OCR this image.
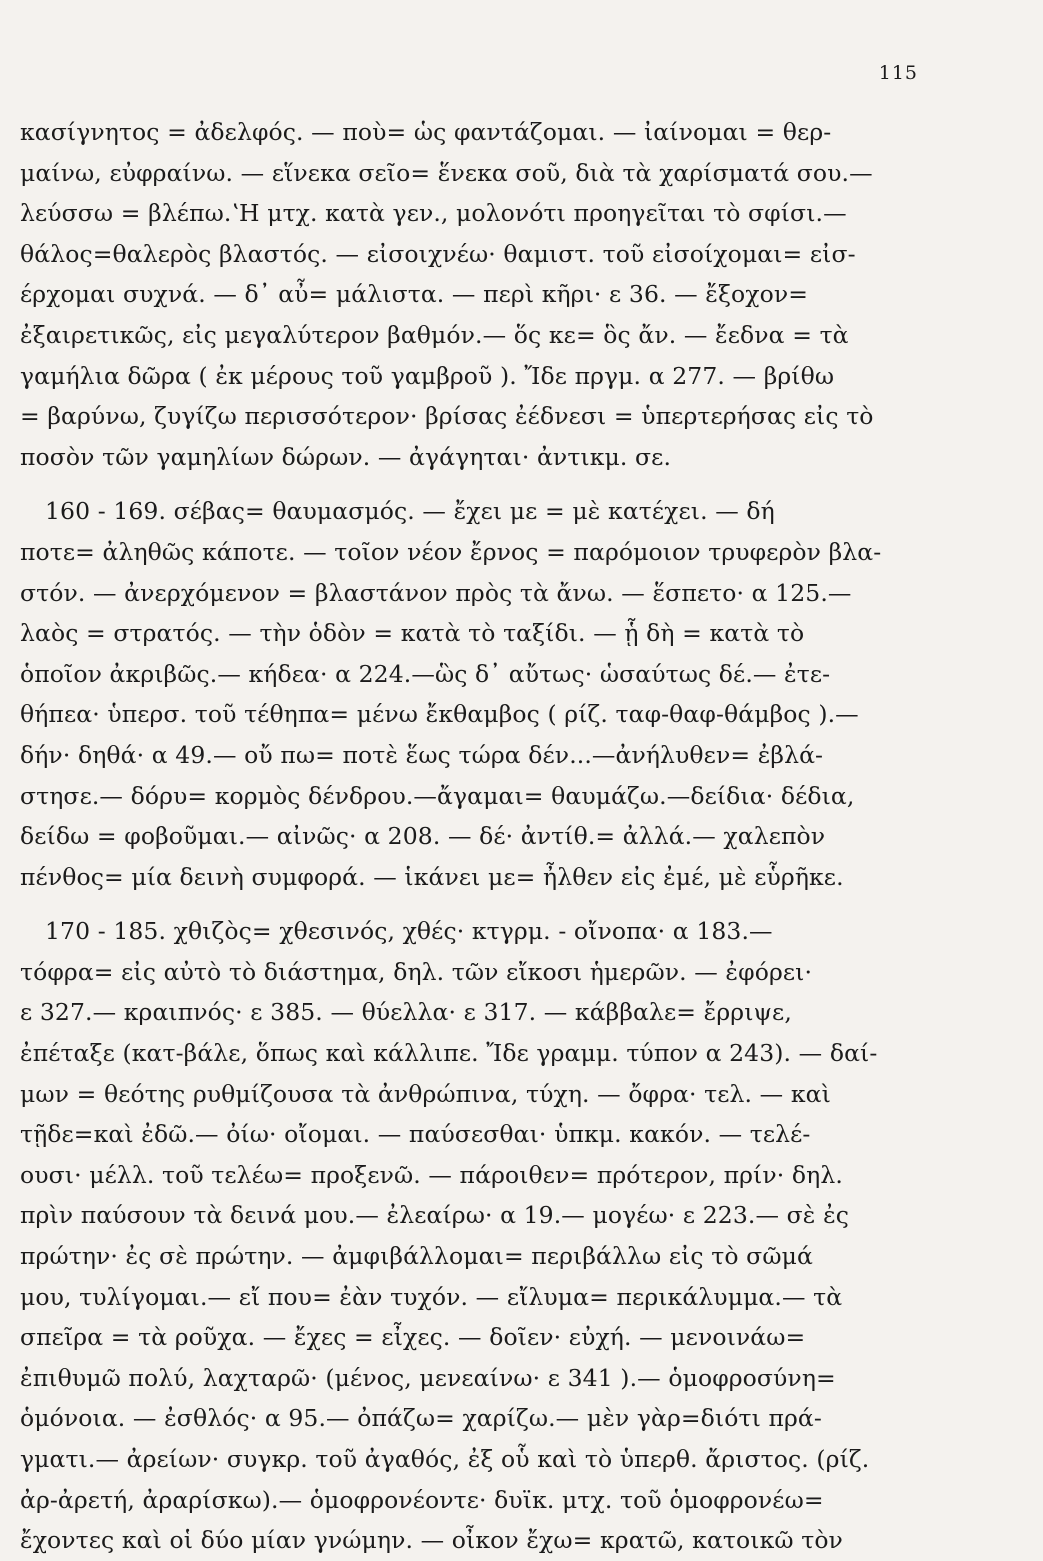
115
κασίγνητος = ἀδελφός. — ποὺ= ὡς φαντάζομαι. — ἰαίνομαι = θερ-
μαίνω, εὐφραίνω. — εἵνεκα σεῖο= ἕνεκα σοῦ, διὰ τὰ χαρίσματά σου.—
λεύσσω = βλέπω.ʽΗ μτχ. κατὰ γεν., μολονότι προηγεῖται τὸ σφίσι.—
θάλος=θαλερὸς βλαστός. — εἰσοιχνέω· θαμιστ. τοῦ εἰσοίχομαι= εἰσ-
έρχομαι συχνά. — δ᾽ αὖ= μάλιστα. — περὶ κῆρι· ε 36. — ἔξοχον=
ἐξαιρετικῶς, εἰς μεγαλύτερον βαθμόν.— ὅς κε= ὃς ἄν. — ἔεδνα = τὰ
γαμήλια δῶρα ( ἐκ μέρους τοῦ γαμβροῦ ). Ἴδε πργμ. α 277. — βρίθω
= βαρύνω, ζυγίζω περισσότερον· βρίσας ἐέδνεσι = ὑπερτερήσας εἰς τὸ
ποσὸν τῶν γαμηλίων δώρων. — ἀγάγηται· ἀντικμ. σε.
160 - 169. σέβας= θαυμασμός. — ἔχει με = μὲ κατέχει. — δή
ποτε= ἀληθῶς κάποτε. — τοῖον νέον ἔρνος = παρόμοιον τρυφερὸν βλα-
στόν. — ἀνερχόμενον = βλαστάνον πρὸς τὰ ἄνω. — ἕσπετο· α 125.—
λαὸς = στρατός. — τὴν ὁδὸν = κατὰ τὸ ταξίδι. — ᾗ δὴ = κατὰ τὸ
ὁποῖον ἀκριβῶς.— κήδεα· α 224.—ὣς δ᾽ αὔτως· ὡσαύτως δέ.— ἐτε-
θήπεα· ὑπερσ. τοῦ τέθηπα= μένω ἔκθαμβος ( ρίζ. ταφ-θαφ-θάμβος ).—
δήν· δηθά· α 49.— οὔ πω= ποτὲ ἕως τώρα δέν...—ἀνήλυθεν= ἐβλά-
στησε.— δόρυ= κορμὸς δένδρου.—ἄγαμαι= θαυμάζω.—δείδια· δέδια,
δείδω = φοβοῦμαι.— αἰνῶς· α 208. — δέ· ἀντίθ.= ἀλλά.— χαλεπὸν
πένθος= μία δεινὴ συμφορά. — ἱκάνει με= ἦλθεν εἰς ἐμέ, μὲ εὗρῆκε.
170 - 185. χθιζὸς= χθεσινός, χθές· κτγρμ. - οἴνοπα· α 183.—
τόφρα= εἰς αὐτὸ τὸ διάστημα, δηλ. τῶν εἴκοσι ἡμερῶν. — ἐφόρει·
ε 327.— κραιπνός· ε 385. — θύελλα· ε 317. — κάββαλε= ἔρριψε,
ἐπέταξε (κατ-βάλε, ὅπως καὶ κάλλιπε. Ἴδε γραμμ. τύπον α 243). — δαί-
μων = θεότης ρυθμίζουσα τὰ ἀνθρώπινα, τύχη. — ὄφρα· τελ. — καὶ
τῇδε=καὶ ἐδῶ.— ὀίω· οἴομαι. — παύσεσθαι· ὑπκμ. κακόν. — τελέ-
ουσι· μέλλ. τοῦ τελέω= προξενῶ. — πάροιθεν= πρότερον, πρίν· δηλ.
πρὶν παύσουν τὰ δεινά μου.— ἐλεαίρω· α 19.— μογέω· ε 223.— σὲ ἐς
πρώτην· ἐς σὲ πρώτην. — ἀμφιβάλλομαι= περιβάλλω εἰς τὸ σῶμά
μου, τυλίγομαι.— εἴ που= ἐὰν τυχόν. — εἴλυμα= περικάλυμμα.— τὰ
σπεῖρα = τὰ ροῦχα. — ἔχες = εἶχες. — δοῖεν· εὐχή. — μενοινάω=
ἐπιθυμῶ πολύ, λαχταρῶ· (μένος, μενεαίνω· ε 341 ).— ὁμοφροσύνη=
ὁμόνοια. — ἐσθλός· α 95.— ὀπάζω= χαρίζω.— μὲν γὰρ=διότι πρά-
γματι.— ἀρείων· συγκρ. τοῦ ἀγαθός, ἐξ οὗ καὶ τὸ ὑπερθ. ἄριστος. (ρίζ.
ἀρ-ἀρετή, ἀραρίσκω).— ὁμοφρονέοντε· δυϊκ. μτχ. τοῦ ὁμοφρονέω=
ἔχοντες καὶ οἱ δύο μίαν γνώμην. — οἶκον ἔχω= κρατῶ, κατοικῶ τὸν
